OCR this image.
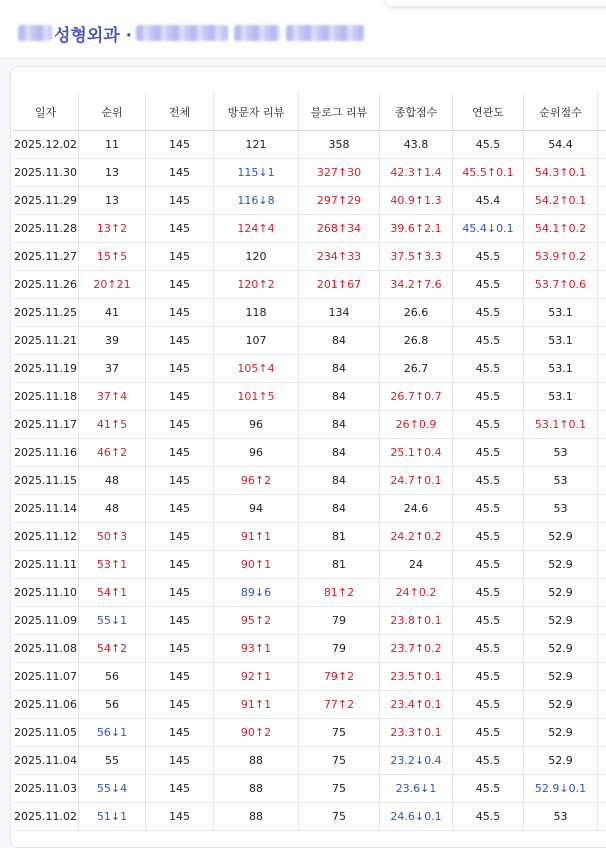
성형외과 ·
일자	순위	전체	방문자 리뷰	블로그 리뷰	종합점수	연관도	순위점수	
2025.12.02	11	145	121	358	43.8	45.5	54.4	
2025.11.30	13	145	115↓1	327↑30	42.3↑1.4	45.5↑0.1	54.3↑0.1	
2025.11.29	13	145	116↓8	297↑29	40.9↑1.3	45.4	54.2↑0.1	
2025.11.28	13↑2	145	124↑4	268↑34	39.6↑2.1	45.4↓0.1	54.1↑0.2	
2025.11.27	15↑5	145	120	234↑33	37.5↑3.3	45.5	53.9↑0.2	
2025.11.26	20↑21	145	120↑2	201↑67	34.2↑7.6	45.5	53.7↑0.6	
2025.11.25	41	145	118	134	26.6	45.5	53.1	
2025.11.21	39	145	107	84	26.8	45.5	53.1	
2025.11.19	37	145	105↑4	84	26.7	45.5	53.1	
2025.11.18	37↑4	145	101↑5	84	26.7↑0.7	45.5	53.1	
2025.11.17	41↑5	145	96	84	26↑0.9	45.5	53.1↑0.1	
2025.11.16	46↑2	145	96	84	25.1↑0.4	45.5	53	
2025.11.15	48	145	96↑2	84	24.7↑0.1	45.5	53	
2025.11.14	48	145	94	84	24.6	45.5	53	
2025.11.12	50↑3	145	91↑1	81	24.2↑0.2	45.5	52.9	
2025.11.11	53↑1	145	90↑1	81	24	45.5	52.9	
2025.11.10	54↑1	145	89↓6	81↑2	24↑0.2	45.5	52.9	
2025.11.09	55↓1	145	95↑2	79	23.8↑0.1	45.5	52.9	
2025.11.08	54↑2	145	93↑1	79	23.7↑0.2	45.5	52.9	
2025.11.07	56	145	92↑1	79↑2	23.5↑0.1	45.5	52.9	
2025.11.06	56	145	91↑1	77↑2	23.4↑0.1	45.5	52.9	
2025.11.05	56↓1	145	90↑2	75	23.3↑0.1	45.5	52.9	
2025.11.04	55	145	88	75	23.2↓0.4	45.5	52.9	
2025.11.03	55↓4	145	88	75	23.6↓1	45.5	52.9↓0.1	
2025.11.02	51↓1	145	88	75	24.6↓0.1	45.5	53	
